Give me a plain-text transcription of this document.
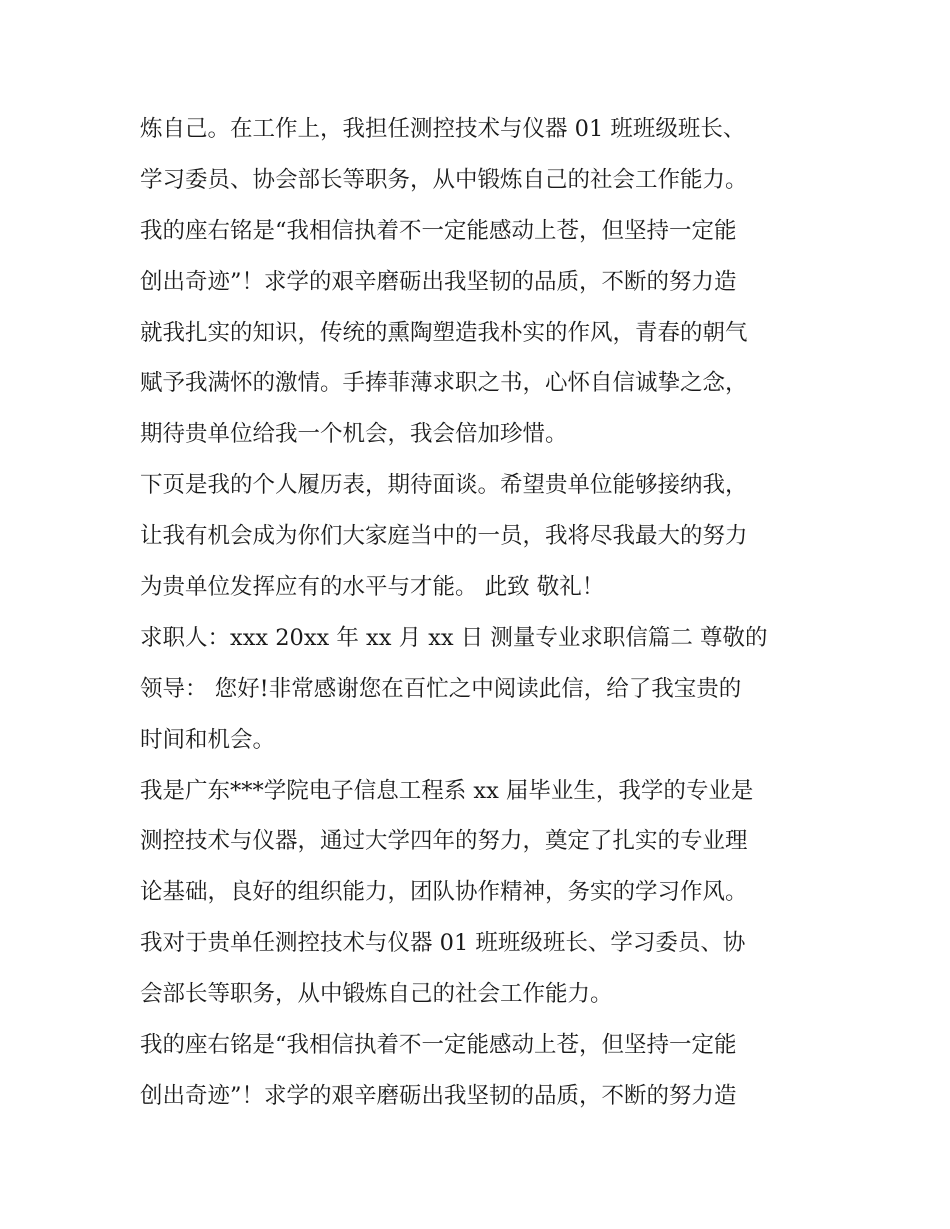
炼自己。在工作上，我担任测控技术与仪器 01 班班级班长、
学习委员、协会部长等职务，从中锻炼自己的社会工作能力。
我的座右铭是“我相信执着不一定能感动上苍，但坚持一定能
创出奇迹”！求学的艰辛磨砺出我坚韧的品质，不断的努力造
就我扎实的知识，传统的熏陶塑造我朴实的作风，青春的朝气
赋予我满怀的激情。手捧菲薄求职之书，心怀自信诚挚之念，
期待贵单位给我一个机会，我会倍加珍惜。
下页是我的个人履历表，期待面谈。希望贵单位能够接纳我，
让我有机会成为你们大家庭当中的一员，我将尽我最大的努力
为贵单位发挥应有的水平与才能。 此致 敬礼！
求职人：xxx 20xx 年 xx 月 xx 日 测量专业求职信篇二 尊敬的
领导： 您好!非常感谢您在百忙之中阅读此信，给了我宝贵的
时间和机会。
我是广东***学院电子信息工程系 xx 届毕业生，我学的专业是
测控技术与仪器，通过大学四年的努力，奠定了扎实的专业理
论基础，良好的组织能力，团队协作精神，务实的学习作风。
我对于贵单任测控技术与仪器 01 班班级班长、学习委员、协
会部长等职务，从中锻炼自己的社会工作能力。
我的座右铭是“我相信执着不一定能感动上苍，但坚持一定能
创出奇迹”！求学的艰辛磨砺出我坚韧的品质，不断的努力造
